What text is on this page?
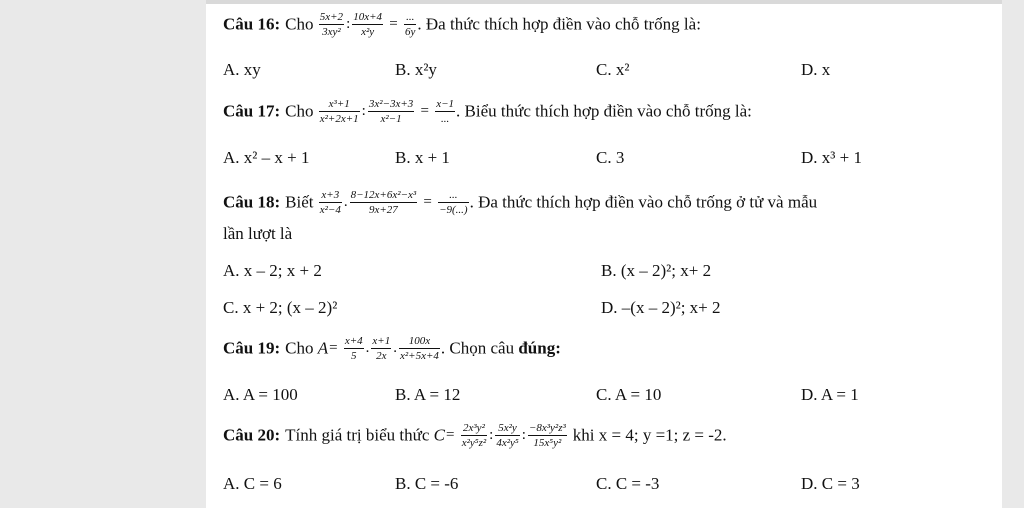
Câu 16: Cho $\frac{5x+2}{\text{3xy²}}$ : $\frac{10x+4}{\text{x²y}} = \frac{...}{6y}$ . Đa thức thích hợp điền vào chỗ trống là:
A. xy	B. x²y	C. x²	D. x
Câu 17: Cho $\frac{\text{x³+1}}{\text{x²+2x+1}}$ : $\frac{\text{3x²−3x+3}}{\text{x²−1}} = \frac{x-1}{...}$ . Biểu thức thích hợp điền vào chỗ trống là:
A. x² – x + 1	B. x + 1	C. 3	D. x³ + 1
Câu 18: Biết $\frac{x+3}{\text{x²−4}}$ . $\frac{\text{8−12x+6x²−x³}}{9x+27} = \frac{...}{-9(...)}$ . Đa thức thích hợp điền vào chỗ trống ở tử và mẫu
lần lượt là
A. x – 2; x + 2	B. (x – 2)²; x+ 2
C. x + 2; (x – 2)²	D. –(x – 2)²; x+ 2
Câu 19: Cho $A= \frac{x+4}{5}$ . $\frac{x+1}{2x}$ . $\frac{100x}{\text{x²+5x+4}}$ . Chọn câu đúng:
A. A = 100	B. A = 12	C. A = 10	D. A = 1
Câu 20: Tính giá trị biểu thức $C= \frac{\text{2x³y²}}{\text{x²y⁵z²}}$ : $\frac{\text{5x²y}}{\text{4x²y⁵}}$ : $\frac{\text{−8x³y²z³}}{\text{15x⁵y²}}$ khi x = 4; y =1; z = -2.
A. C = 6	B. C = -6	C. C = -3	D. C = 3
